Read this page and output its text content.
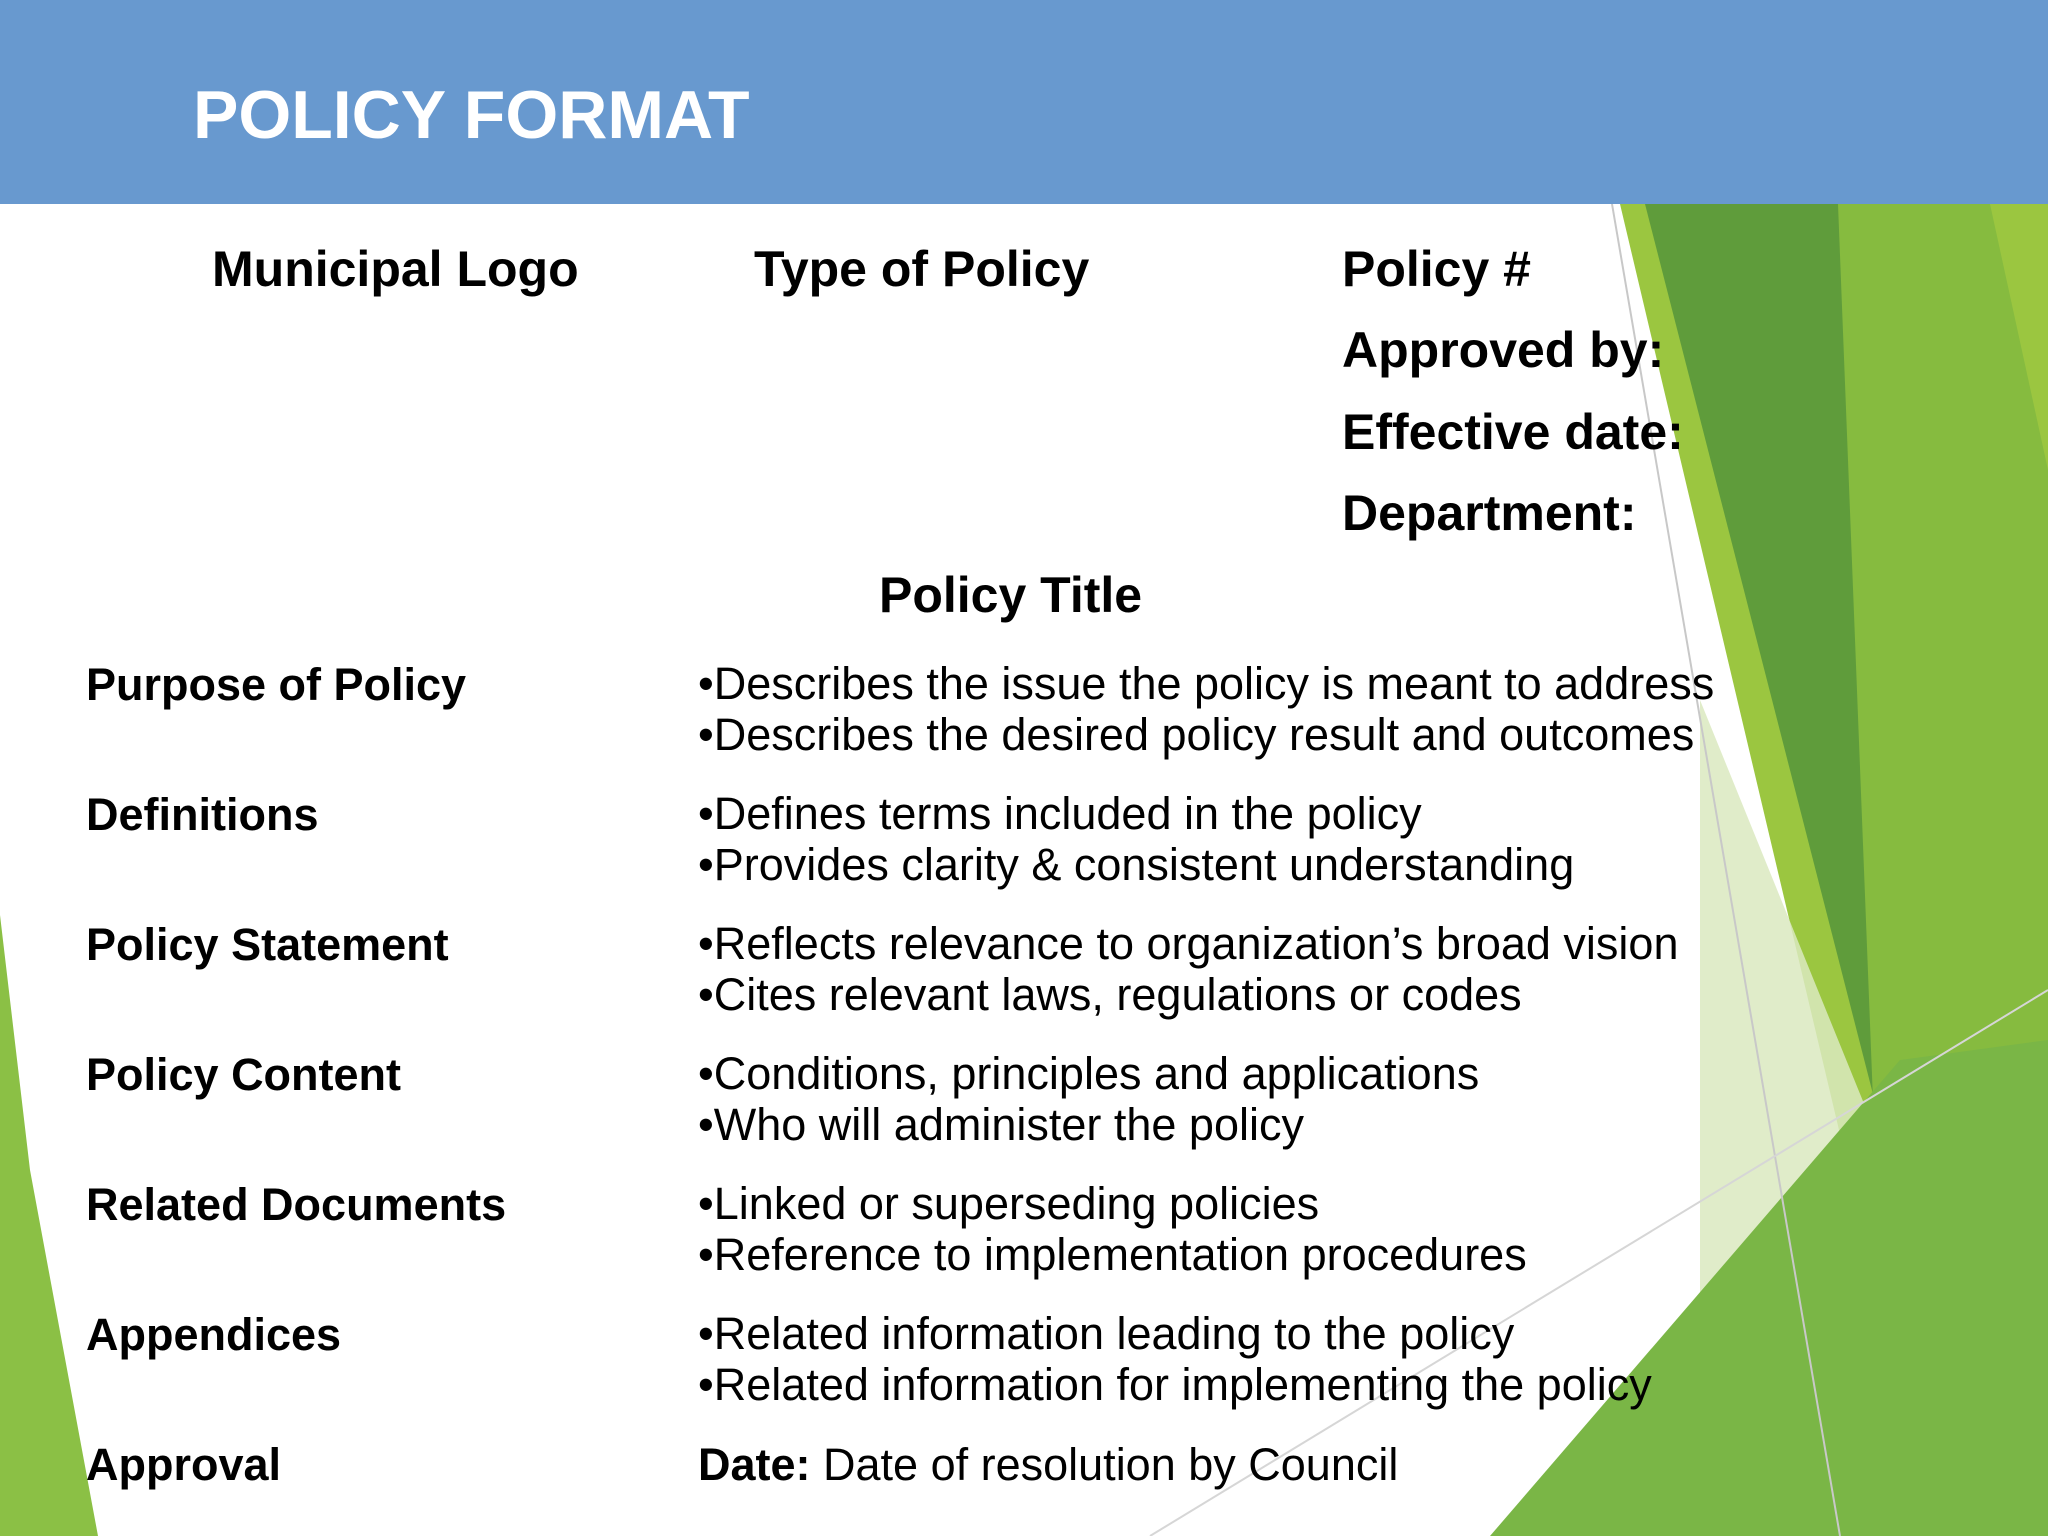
POLICY FORMAT
Municipal Logo	Type of Policy	Policy #
Approved by:
Effective date:
Department:
Policy Title
Purpose of Policy	• Describes the issue the policy is meant to address
• Describes the desired policy result and outcomes
Definitions	• Defines terms included in the policy
• Provides clarity & consistent understanding
Policy Statement	• Reflects relevance to organization’s broad vision
• Cites relevant laws, regulations or codes
Policy Content	• Conditions, principles and applications
• Who will administer the policy
Related Documents	• Linked or superseding policies
• Reference to implementation procedures
Appendices	• Related information leading to the policy
• Related information for implementing the policy
Approval	Date: Date of resolution by Council
